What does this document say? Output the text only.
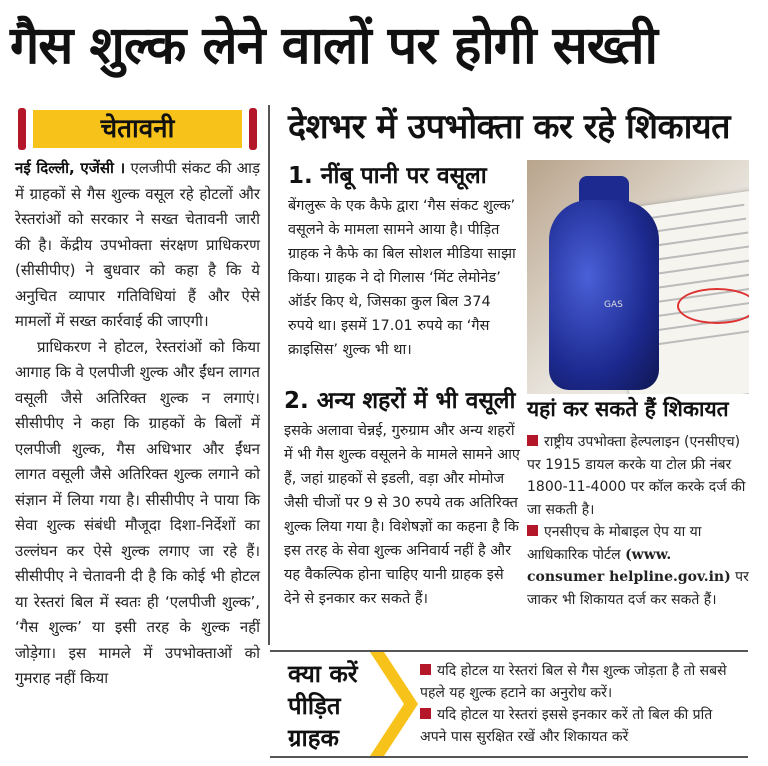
गैस शुल्क लेने वालों पर होगी सख्ती
चेतावनी

नई दिल्ली, एजेंसी । एलजीपी संकट की आड़ में ग्राहकों से गैस शुल्क वसूल रहे होटलों और रेस्तरांओं को सरकार ने सख्त चेतावनी जारी की है। केंद्रीय उपभोक्ता संरक्षण प्राधिकरण (सीसीपीए) ने बुधवार को कहा है कि ये अनुचित व्यापार गतिविधियां हैं और ऐसे मामलों में सख्त कार्रवाई की जाएगी।

प्राधिकरण ने होटल, रेस्तरांओं को किया आगाह कि वे एलपीजी शुल्क और ईंधन लागत वसूली जैसे अतिरिक्त शुल्क न लगाएं। सीसीपीए ने कहा कि ग्राहकों के बिलों में एलपीजी शुल्क, गैस अधिभार और ईंधन लागत वसूली जैसे अतिरिक्त शुल्क लगाने को संज्ञान में लिया गया है। सीसीपीए ने पाया कि सेवा शुल्क संबंधी मौजूदा दिशा-निर्देशों का उल्लंघन कर ऐसे शुल्क लगाए जा रहे हैं। सीसीपीए ने चेतावनी दी है कि कोई भी होटल या रेस्तरां बिल में स्वतः ही ‘एलपीजी शुल्क’, ‘गैस शुल्क’ या इसी तरह के शुल्क नहीं जोड़ेगा। इस मामले में उपभोक्ताओं को गुमराह नहीं किया

देशभर में उपभोक्ता कर रहे शिकायत
1. नींबू पानी पर वसूला

बेंगलुरू के एक कैफे द्वारा ‘गैस संकट शुल्क’ वसूलने के मामला सामने आया है। पीड़ित ग्राहक ने कैफे का बिल सोशल मीडिया साझा किया। ग्राहक ने दो गिलास ‘मिंट लेमोनेड’ ऑर्डर किए थे, जिसका कुल बिल 374 रुपये था। इसमें 17.01 रुपये का ‘गैस क्राइसिस’ शुल्क भी था।

GAS
2. अन्य शहरों में भी वसूली

इसके अलावा चेन्नई, गुरुग्राम और अन्य शहरों में भी गैस शुल्क वसूलने के मामले सामने आए हैं, जहां ग्राहकों से इडली, वड़ा और मोमोज जैसी चीजों पर 9 से 30 रुपये तक अतिरिक्त शुल्क लिया गया है। विशेषज्ञों का कहना है कि इस तरह के सेवा शुल्क अनिवार्य नहीं है और यह वैकल्पिक होना चाहिए यानी ग्राहक इसे देने से इनकार कर सकते हैं।

यहां कर सकते हैं शिकायत

राष्ट्रीय उपभोक्ता हेल्पलाइन (एनसीएच) पर 1915 डायल करके या टोल फ्री नंबर 1800-11-4000 पर कॉल करके दर्ज की जा सकती है।

एनसीएच के मोबाइल ऐप या या आधिकारिक पोर्टल (www. consumer helpline.gov.in) पर जाकर भी शिकायत दर्ज कर सकते हैं।

क्या करें
पीड़ित
ग्राहक

यदि होटल या रेस्तरां बिल से गैस शुल्क जोड़ता है तो सबसे पहले यह शुल्क हटाने का अनुरोध करें।

यदि होटल या रेस्तरां इससे इनकार करें तो बिल की प्रति अपने पास सुरक्षित रखें और शिकायत करें
